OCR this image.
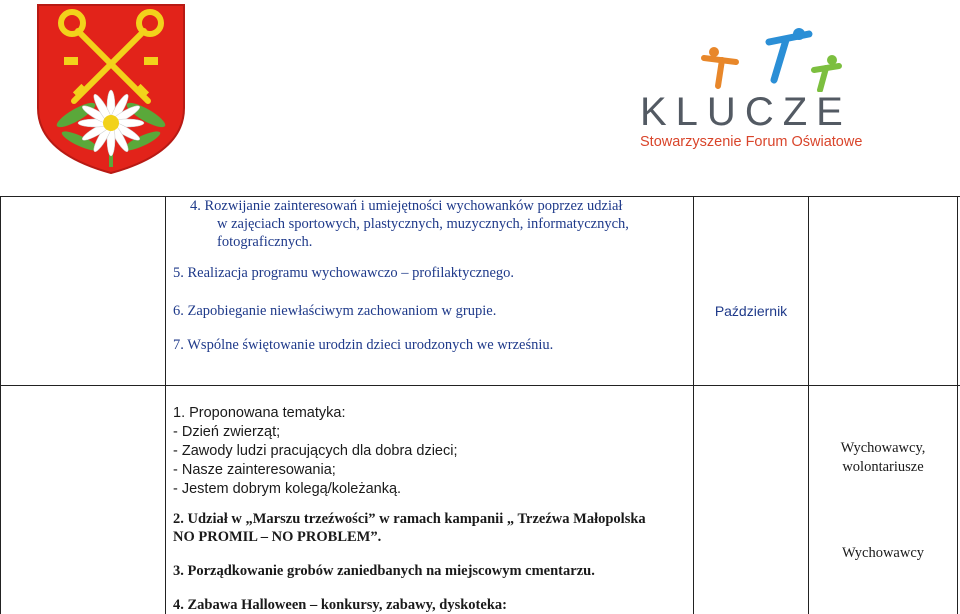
KLUCZE
Stowarzyszenie Forum Oświatowe
4. Rozwijanie zainteresowań i umiejętności wychowanków poprzez udział
w zajęciach sportowych, plastycznych, muzycznych, informatycznych,
fotograficznych.
5. Realizacja programu wychowawczo – profilaktycznego.
6. Zapobieganie niewłaściwym zachowaniom w grupie.
7. Wspólne świętowanie urodzin dzieci urodzonych we wrześniu.
Październik
1. Proponowana tematyka:
- Dzień zwierząt;
- Zawody ludzi pracujących dla dobra dzieci;
- Nasze zainteresowania;
- Jestem dobrym kolegą/koleżanką.
2. Udział w „Marszu trzeźwości” w ramach kampanii „ Trzeźwa Małopolska
NO PROMIL – NO PROBLEM”.
3. Porządkowanie grobów zaniedbanych na miejscowym cmentarzu.
4. Zabawa Halloween – konkursy, zabawy, dyskoteka:
Wychowawcy,
wolontariusze
Wychowawcy
